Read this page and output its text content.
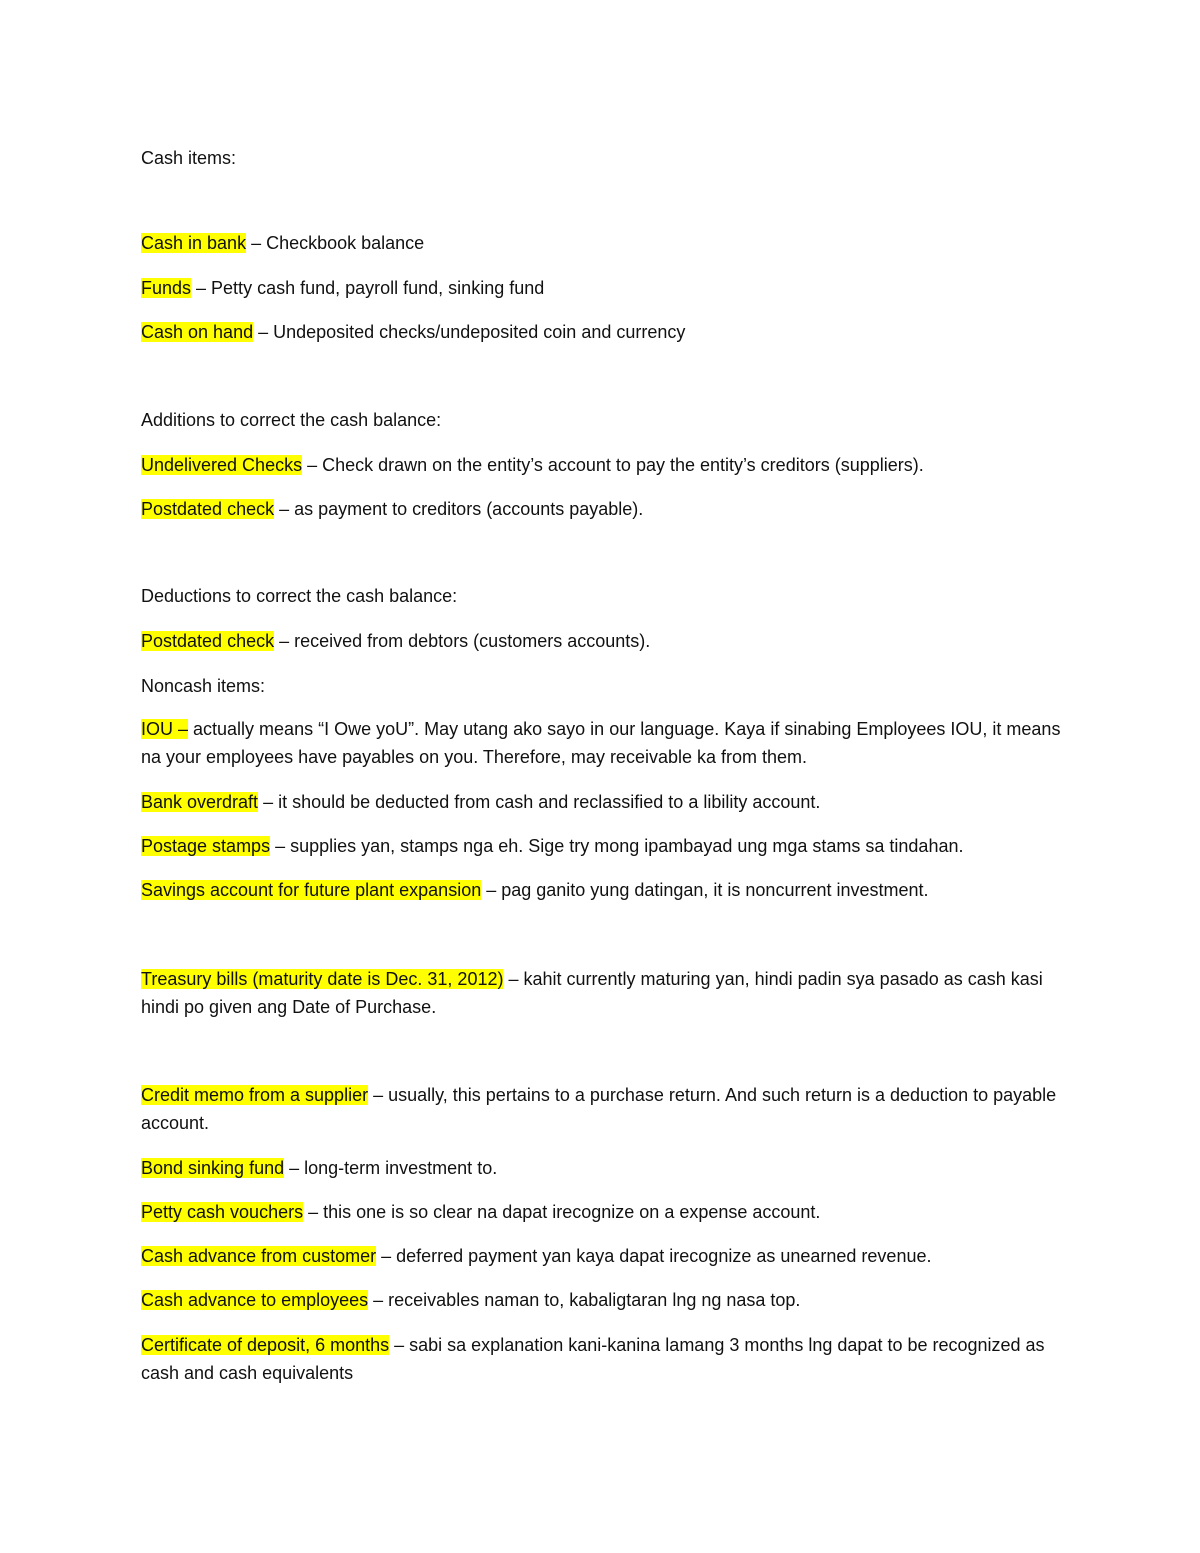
Cash items:
Cash in bank – Checkbook balance
Funds – Petty cash fund, payroll fund, sinking fund
Cash on hand – Undeposited checks/undeposited coin and currency
Additions to correct the cash balance:
Undelivered Checks – Check drawn on the entity’s account to pay the entity’s creditors (suppliers).
Postdated check – as payment to creditors (accounts payable).
Deductions to correct the cash balance:
Postdated check – received from debtors (customers accounts).
Noncash items:
IOU – actually means “I Owe yoU”. May utang ako sayo in our language. Kaya if sinabing Employees IOU, it means na your employees have payables on you. Therefore, may receivable ka from them.
Bank overdraft – it should be deducted from cash and reclassified to a libility account.
Postage stamps – supplies yan, stamps nga eh. Sige try mong ipambayad ung mga stams sa tindahan.
Savings account for future plant expansion – pag ganito yung datingan, it is noncurrent investment.
Treasury bills (maturity date is Dec. 31, 2012) – kahit currently maturing yan, hindi padin sya pasado as cash kasi hindi po given ang Date of Purchase.
Credit memo from a supplier – usually, this pertains to a purchase return. And such return is a deduction to payable account.
Bond sinking fund – long-term investment to.
Petty cash vouchers – this one is so clear na dapat irecognize on a expense account.
Cash advance from customer – deferred payment yan kaya dapat irecognize as unearned revenue.
Cash advance to employees – receivables naman to, kabaligtaran lng ng nasa top.
Certificate of deposit, 6 months – sabi sa explanation kani-kanina lamang 3 months lng dapat to be recognized as cash and cash equivalents
